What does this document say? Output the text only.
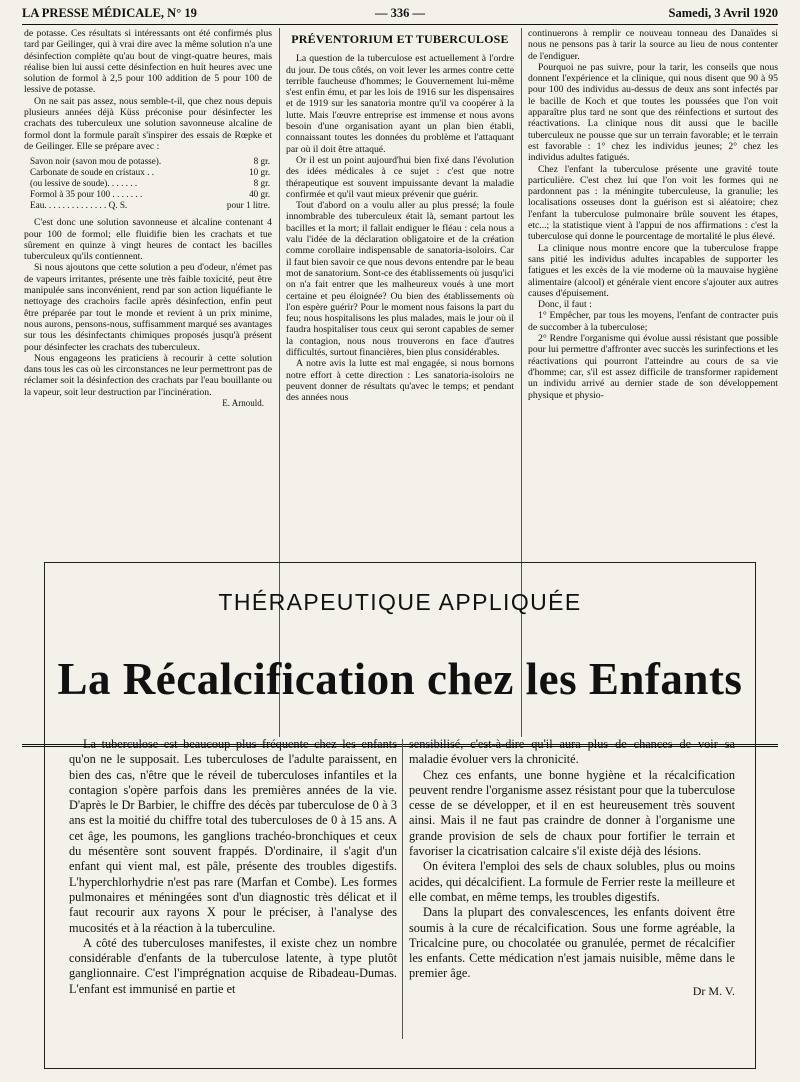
LA PRESSE MÉDICALE, N° 19	— 336 —	Samedi, 3 Avril 1920

de potasse. Ces résultats si intéressants ont été confirmés plus tard par Geilinger, qui à vrai dire avec la même solution n'a une désinfection complète qu'au bout de vingt-quatre heures, mais réalise bien lui aussi cette désinfection en huit heures avec une solution de formol à 2,5 pour 100 addition de 5 pour 100 de lessive de potasse.

On ne sait pas assez, nous semble-t-il, que chez nous depuis plusieurs années déjà Küss préconise pour désinfecter les crachats des tuberculeux une solution savonneuse alcaline de formol dont la formule paraît s'inspirer des essais de Rœpke et de Geilinger. Elle se prépare avec :

Savon noir (savon mou de potasse).	8 gr.
Carbonate de soude en cristaux . .	10 gr.
(ou lessive de soude). . . . . . .	8 gr.
Formol à 35 pour 100 . . . . . . .	40 gr.
Eau. . . . . . . . . . . . . . Q. S.	pour 1 litre.

C'est donc une solution savonneuse et alcaline contenant 4 pour 100 de formol; elle fluidifie bien les crachats et tue sûrement en quinze à vingt heures de contact les bacilles tuberculeux qu'ils contiennent.

Si nous ajoutons que cette solution a peu d'odeur, n'émet pas de vapeurs irritantes, présente une très faible toxicité, peut être manipulée sans inconvénient, rend par son action liquéfiante le nettoyage des crachoirs facile après désinfection, enfin peut être préparée par tout le monde et revient à un prix minime, nous aurons, pensons-nous, suffisamment marqué ses avantages sur tous les désinfectants chimiques proposés jusqu'à présent pour désinfecter les crachats des tuberculeux.

Nous engageons les praticiens à recourir à cette solution dans tous les cas où les circonstances ne leur permettront pas de réclamer soit la désinfection des crachats par l'eau bouillante ou la vapeur, soit leur destruction par l'incinération.

E. Arnould.

PRÉVENTORIUM ET TUBERCULOSE

La question de la tuberculose est actuellement à l'ordre du jour. De tous côtés, on voit lever les armes contre cette terrible faucheuse d'hommes; le Gouvernement lui-même s'est enfin ému, et par les lois de 1916 sur les dispensaires et de 1919 sur les sanatoria montre qu'il va coopérer à la lutte. Mais l'œuvre entreprise est immense et nous avons besoin d'une organisation ayant un plan bien établi, connaissant toutes les données du problème et l'attaquant par où il doit être attaqué.

Or il est un point aujourd'hui bien fixé dans l'évolution des idées médicales à ce sujet : c'est que notre thérapeutique est souvent impuissante devant la maladie confirmée et qu'il vaut mieux prévenir que guérir.

Tout d'abord on a voulu aller au plus pressé; la foule innombrable des tuberculeux était là, semant partout les bacilles et la mort; il fallait endiguer le fléau : cela nous a valu l'idée de la déclaration obligatoire et de la création comme corollaire indispensable de sanatoria-isoloirs. Car il faut bien savoir ce que nous devons entendre par le beau mot de sanatorium. Sont-ce des établissements où jusqu'ici on n'a fait entrer que les malheureux voués à une mort certaine et peu éloignée? Ou bien des établissements où l'on espère guérir? Pour le moment nous faisons la part du feu; nous hospitalisons les plus malades, mais le jour où il faudra hospitaliser tous ceux qui seront capables de semer la contagion, nous nous trouverons en face d'autres difficultés, surtout financières, bien plus considérables.

A notre avis la lutte est mal engagée, si nous bornons notre effort à cette direction : Les sanatoria-isoloirs ne peuvent donner de résultats qu'avec le temps; et pendant des années nous

continuerons à remplir ce nouveau tonneau des Danaïdes si nous ne pensons pas à tarir la source au lieu de nous contenter de l'endiguer.

Pourquoi ne pas suivre, pour la tarir, les conseils que nous donnent l'expérience et la clinique, qui nous disent que 90 à 95 pour 100 des individus au-dessus de deux ans sont infectés par le bacille de Koch et que toutes les poussées que l'on voit apparaître plus tard ne sont que des réinfections et surtout des réactivations. La clinique nous dit aussi que le bacille tuberculeux ne pousse que sur un terrain favorable; et le terrain est favorable : 1° chez les individus jeunes; 2° chez les individus adultes fatigués.

Chez l'enfant la tuberculose présente une gravité toute particulière. C'est chez lui que l'on voit les formes qui ne pardonnent pas : la méningite tuberculeuse, la granulie; les localisations osseuses dont la guérison est si aléatoire; chez l'enfant la tuberculose pulmonaire brûle souvent les étapes, etc...; la statistique vient à l'appui de nos affirmations : c'est la tuberculose qui donne le pourcentage de mortalité le plus élevé.

La clinique nous montre encore que la tuberculose frappe sans pitié les individus adultes incapables de supporter les fatigues et les excès de la vie moderne où la mauvaise hygiène alimentaire (alcool) et générale vient encore s'ajouter aux autres causes d'épuisement.

Donc, il faut :

1° Empêcher, par tous les moyens, l'enfant de contracter puis de succomber à la tuberculose;

2° Rendre l'organisme qui évolue aussi résistant que possible pour lui permettre d'affronter avec succès les surinfections et les réactivations qui pourront l'atteindre au cours de sa vie d'homme; car, s'il est assez difficile de transformer rapidement un individu arrivé au dernier stade de son développement physique et physio-

THÉRAPEUTIQUE APPLIQUÉE
La Récalcification chez les Enfants

La tuberculose est beaucoup plus fréquente chez les enfants qu'on ne le supposait. Les tuberculoses de l'adulte paraissent, en bien des cas, n'être que le réveil de tuberculoses infantiles et la contagion s'opère parfois dans les premières années de la vie. D'après le Dr Barbier, le chiffre des décès par tuberculose de 0 à 3 ans est la moitié du chiffre total des tuberculoses de 0 à 15 ans. A cet âge, les poumons, les ganglions trachéo-bronchiques et ceux du mésentère sont souvent frappés. D'ordinaire, il s'agit d'un enfant qui vient mal, est pâle, présente des troubles digestifs. L'hyperchlorhydrie n'est pas rare (Marfan et Combe). Les formes pulmonaires et méningées sont d'un diagnostic très délicat et il faut recourir aux rayons X pour le préciser, à l'analyse des mucosités et à la réaction à la tuberculine.

A côté des tuberculoses manifestes, il existe chez un nombre considérable d'enfants de la tuberculose latente, à type plutôt ganglionnaire. C'est l'imprégnation acquise de Ribadeau-Dumas. L'enfant est immunisé en partie et

sensibilisé, c'est-à-dire qu'il aura plus de chances de voir sa maladie évoluer vers la chronicité.

Chez ces enfants, une bonne hygiène et la récalcification peuvent rendre l'organisme assez résistant pour que la tuberculose cesse de se développer, et il en est heureusement très souvent ainsi. Mais il ne faut pas craindre de donner à l'organisme une grande provision de sels de chaux pour fortifier le terrain et favoriser la cicatrisation calcaire s'il existe déjà des lésions.

On évitera l'emploi des sels de chaux solubles, plus ou moins acides, qui décalcifient. La formule de Ferrier reste la meilleure et elle combat, en même temps, les troubles digestifs.

Dans la plupart des convalescences, les enfants doivent être soumis à la cure de récalcification. Sous une forme agréable, la Tricalcine pure, ou chocolatée ou granulée, permet de récalcifier les enfants. Cette médication n'est jamais nuisible, même dans le premier âge.

Dr M. V.
